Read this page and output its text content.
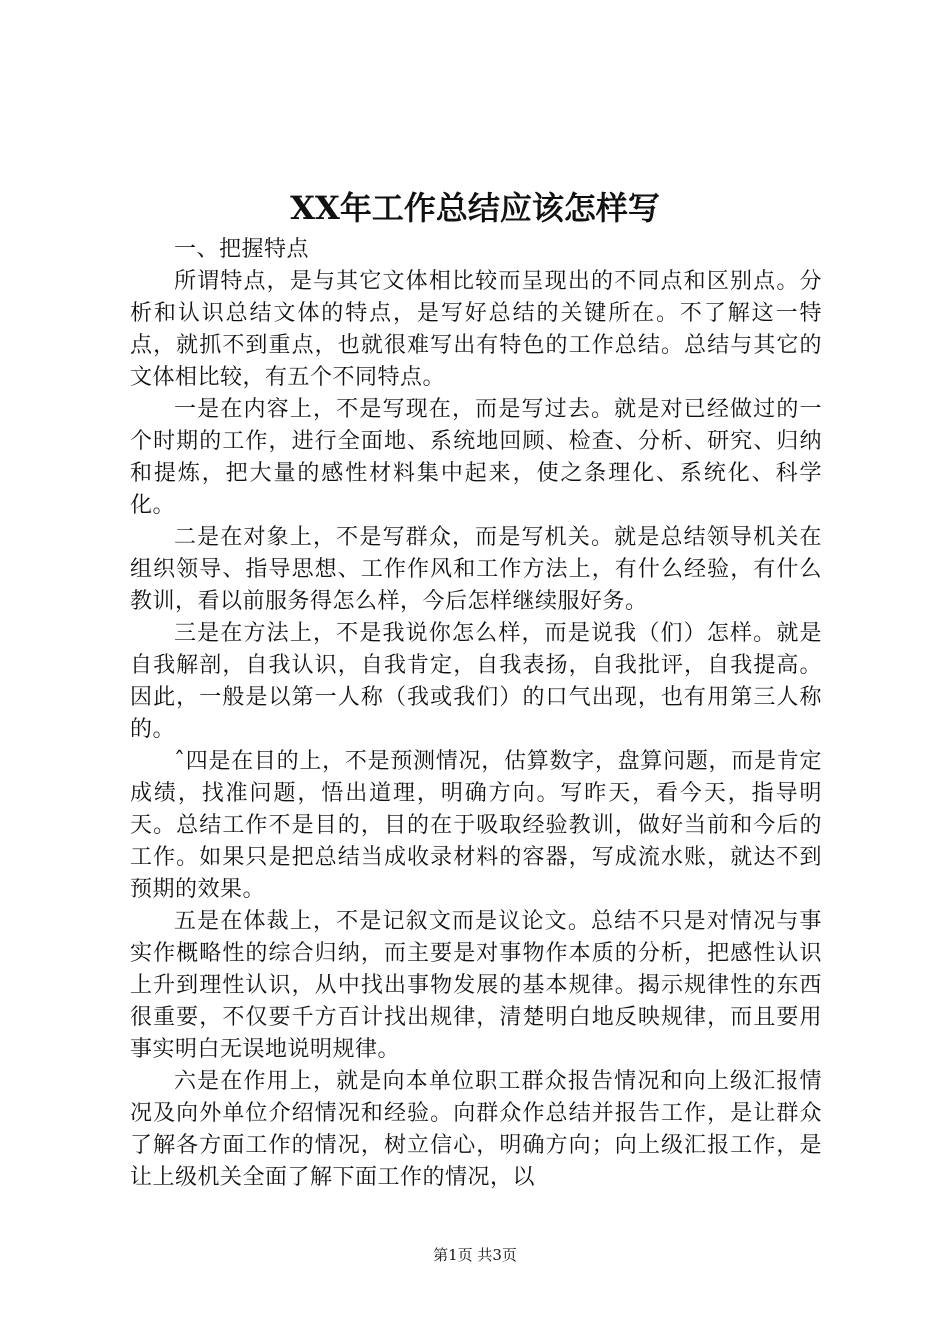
XX年工作总结应该怎样写

一、把握特点

所谓特点，是与其它文体相比较而呈现出的不同点和区别点。分析和认识总结文体的特点，是写好总结的关键所在。不了解这一特点，就抓不到重点，也就很难写出有特色的工作总结。总结与其它的文体相比较，有五个不同特点。

一是在内容上，不是写现在，而是写过去。就是对已经做过的一个时期的工作，进行全面地、系统地回顾、检查、分析、研究、归纳和提炼，把大量的感性材料集中起来，使之条理化、系统化、科学化。

二是在对象上，不是写群众，而是写机关。就是总结领导机关在组织领导、指导思想、工作作风和工作方法上，有什么经验，有什么教训，看以前服务得怎么样，今后怎样继续服好务。

三是在方法上，不是我说你怎么样，而是说我（们）怎样。就是自我解剖，自我认识，自我肯定，自我表扬，自我批评，自我提高。因此，一般是以第一人称（我或我们）的口气出现，也有用第三人称的。

ˆ四是在目的上，不是预测情况，估算数字，盘算问题，而是肯定成绩，找准问题，悟出道理，明确方向。写昨天，看今天，指导明天。总结工作不是目的，目的在于吸取经验教训，做好当前和今后的工作。如果只是把总结当成收录材料的容器，写成流水账，就达不到预期的效果。

五是在体裁上，不是记叙文而是议论文。总结不只是对情况与事实作概略性的综合归纳，而主要是对事物作本质的分析，把感性认识上升到理性认识，从中找出事物发展的基本规律。揭示规律性的东西很重要，不仅要千方百计找出规律，清楚明白地反映规律，而且要用事实明白无误地说明规律。

六是在作用上，就是向本单位职工群众报告情况和向上级汇报情况及向外单位介绍情况和经验。向群众作总结并报告工作，是让群众了解各方面工作的情况，树立信心，明确方向；向上级汇报工作，是让上级机关全面了解下面工作的情况，以

第1页 共3页
